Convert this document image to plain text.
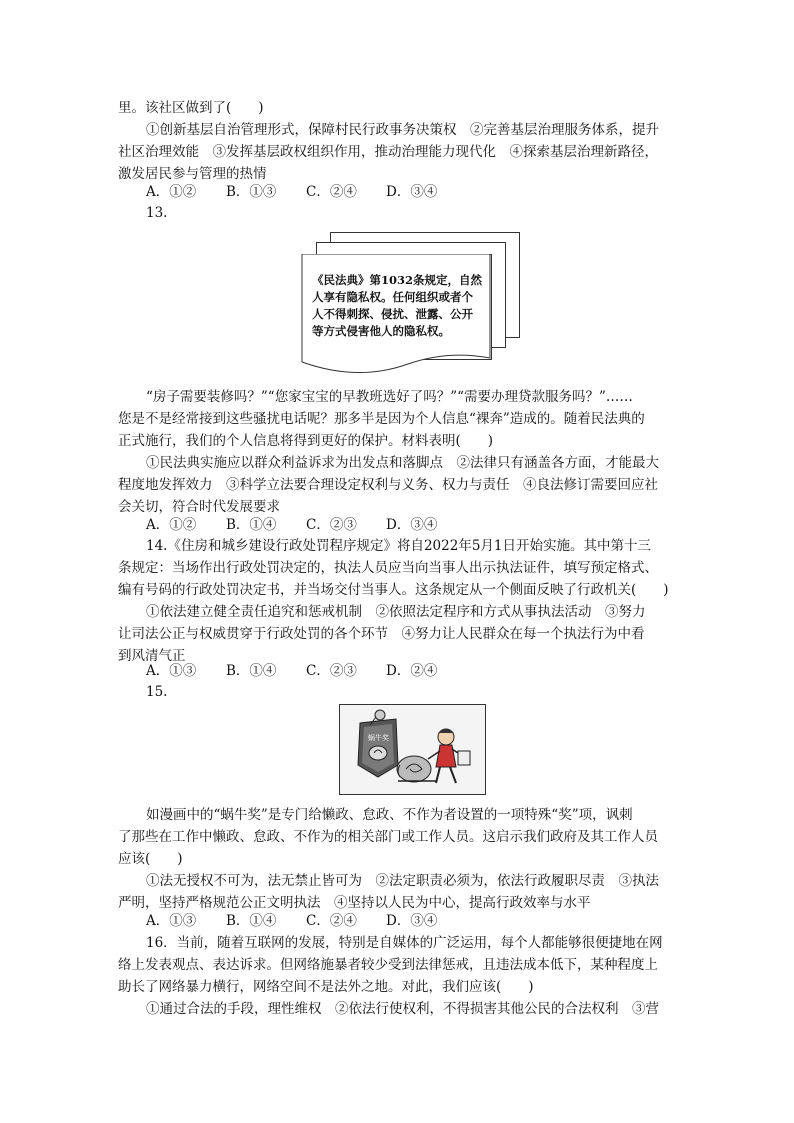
里。该社区做到了(　　)
①创新基层自治管理形式，保障村民行政事务决策权　②完善基层治理服务体系，提升
社区治理效能　③发挥基层政权组织作用，推动治理能力现代化　④探索基层治理新路径，
激发居民参与管理的热情
A．①② B．①③ C．②④ D．③④
13.
《民法典》第1032条规定，自然
人享有隐私权。任何组织或者个
人不得刺探、侵扰、泄露、公开
等方式侵害他人的隐私权。
“房子需要装修吗？”“您家宝宝的早教班选好了吗？”“需要办理贷款服务吗？”……
您是不是经常接到这些骚扰电话呢？那多半是因为个人信息“裸奔”造成的。随着民法典的
正式施行，我们的个人信息将得到更好的保护。材料表明(　　)
①民法典实施应以群众利益诉求为出发点和落脚点　②法律只有涵盖各方面，才能最大
程度地发挥效力　③科学立法要合理设定权利与义务、权力与责任　④良法修订需要回应社
会关切，符合时代发展要求
A．①② B．①④ C．②③ D．③④
14.《住房和城乡建设行政处罚程序规定》将自2022年5月1日开始实施。其中第十三
条规定：当场作出行政处罚决定的，执法人员应当向当事人出示执法证件，填写预定格式、
编有号码的行政处罚决定书，并当场交付当事人。这条规定从一个侧面反映了行政机关(　　)
①依法建立健全责任追究和惩戒机制　②依照法定程序和方式从事执法活动　③努力
让司法公正与权威贯穿于行政处罚的各个环节　④努力让人民群众在每一个执法行为中看
到风清气正
A．①③ B．①④ C．②③ D．②④
15.
蜗牛奖
如漫画中的“蜗牛奖”是专门给懒政、怠政、不作为者设置的一项特殊“奖”项，讽刺
了那些在工作中懒政、怠政、不作为的相关部门或工作人员。这启示我们政府及其工作人员
应该(　　)
①法无授权不可为，法无禁止皆可为　②法定职责必须为，依法行政履职尽责　③执法
严明，坚持严格规范公正文明执法　④坚持以人民为中心，提高行政效率与水平
A．①③ B．①④ C．②④ D．③④
16．当前，随着互联网的发展，特别是自媒体的广泛运用，每个人都能够很便捷地在网
络上发表观点、表达诉求。但网络施暴者较少受到法律惩戒，且违法成本低下，某种程度上
助长了网络暴力横行，网络空间不是法外之地。对此，我们应该(　　)
①通过合法的手段，理性维权　②依法行使权利，不得损害其他公民的合法权利　③营
